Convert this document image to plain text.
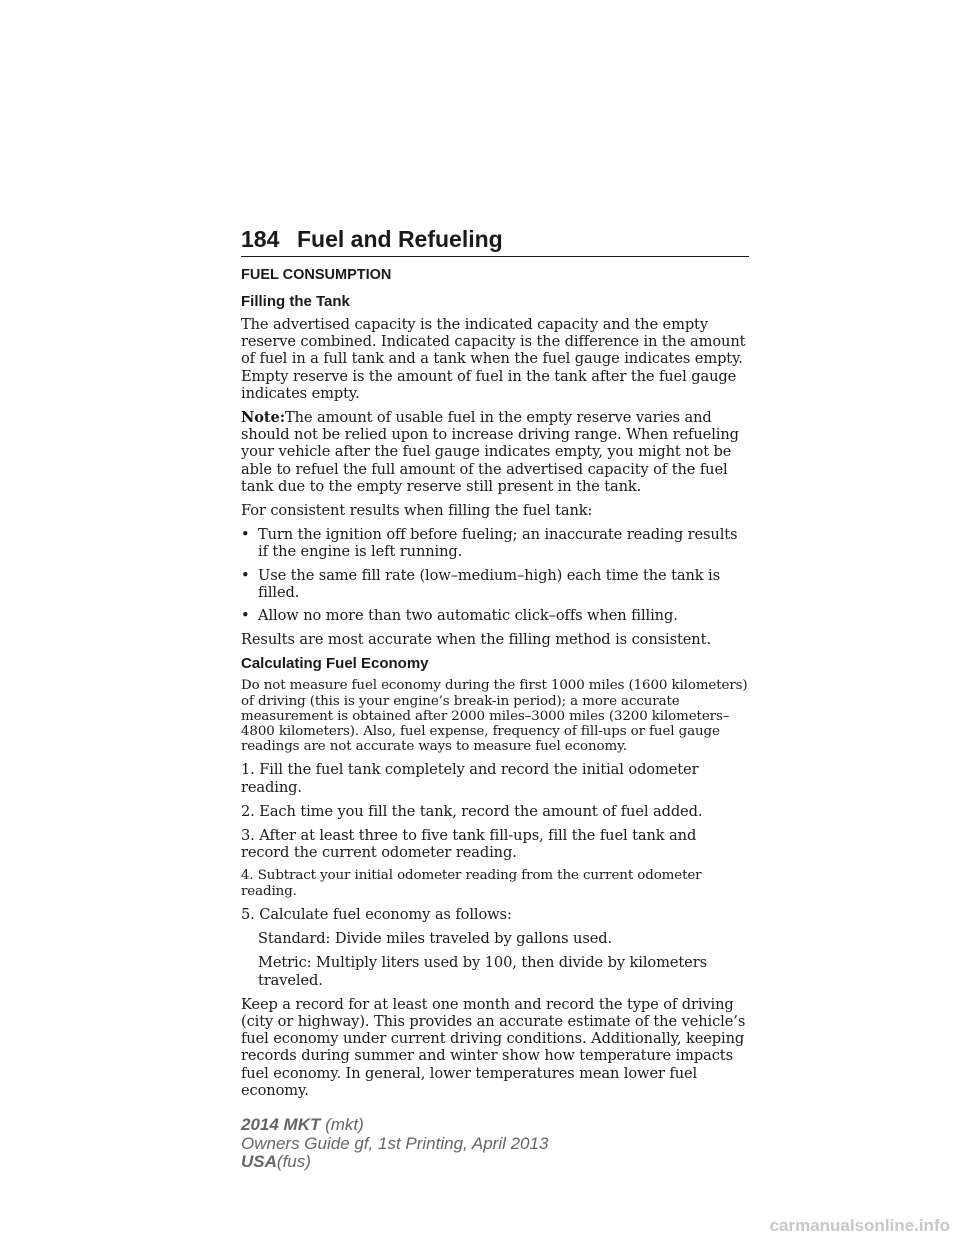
184 Fuel and Refueling
FUEL CONSUMPTION
Filling the Tank

The advertised capacity is the indicated capacity and the empty reserve combined. Indicated capacity is the difference in the amount of fuel in a full tank and a tank when the fuel gauge indicates empty. Empty reserve is the amount of fuel in the tank after the fuel gauge indicates empty.

Note:The amount of usable fuel in the empty reserve varies and should not be relied upon to increase driving range. When refueling your vehicle after the fuel gauge indicates empty, you might not be able to refuel the full amount of the advertised capacity of the fuel tank due to the empty reserve still present in the tank.

For consistent results when filling the fuel tank:

• Turn the ignition off before fueling; an inaccurate reading results if the engine is left running.
• Use the same fill rate (low–medium–high) each time the tank is filled.
• Allow no more than two automatic click–offs when filling.

Results are most accurate when the filling method is consistent.

Calculating Fuel Economy

Do not measure fuel economy during the first 1000 miles (1600 kilometers) of driving (this is your engine’s break-in period); a more accurate measurement is obtained after 2000 miles–3000 miles (3200 kilometers–4800 kilometers). Also, fuel expense, frequency of fill-ups or fuel gauge readings are not accurate ways to measure fuel economy.

1. Fill the fuel tank completely and record the initial odometer reading.

2. Each time you fill the tank, record the amount of fuel added.

3. After at least three to five tank fill-ups, fill the fuel tank and record the current odometer reading.

4. Subtract your initial odometer reading from the current odometer reading.

5. Calculate fuel economy as follows:

Standard: Divide miles traveled by gallons used.

Metric: Multiply liters used by 100, then divide by kilometers traveled.

Keep a record for at least one month and record the type of driving (city or highway). This provides an accurate estimate of the vehicle’s fuel economy under current driving conditions. Additionally, keeping records during summer and winter show how temperature impacts fuel economy. In general, lower temperatures mean lower fuel economy.

2014 MKT (mkt)
Owners Guide gf, 1st Printing, April 2013
USA(fus)
carmanualsonline.info
